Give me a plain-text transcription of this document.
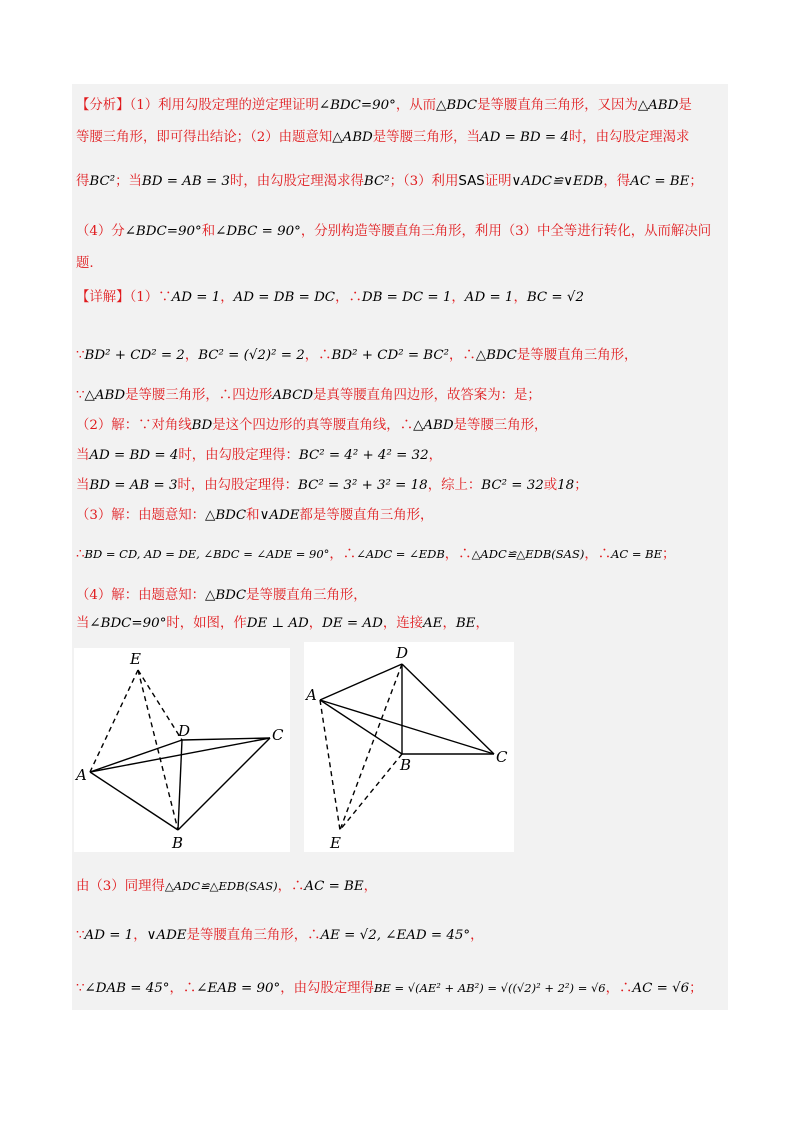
【分析】（1）利用勾股定理的逆定理证明∠BDC=90°，从而△BDC是等腰直角三角形，又因为△ABD是
等腰三角形，即可得出结论；（2）由题意知△ABD是等腰三角形，当AD = BD = 4时，由勾股定理渴求
得BC²；当BD = AB = 3时，由勾股定理渴求得BC²；（3）利用SAS证明∨ADC≌∨EDB，得AC = BE；
（4）分∠BDC=90°和∠DBC = 90°，分别构造等腰直角三角形，利用（3）中全等进行转化，从而解决问
题.
【详解】（1）∵AD = 1，AD = DB = DC，∴DB = DC = 1，AD = 1，BC = √2
∵BD² + CD² = 2，BC² = (√2)² = 2，∴BD² + CD² = BC²，∴△BDC是等腰直角三角形，
∵△ABD是等腰三角形，∴四边形ABCD是真等腰直角四边形，故答案为：是；
（2）解：∵对角线BD是这个四边形的真等腰直角线，∴△ABD是等腰三角形，
当AD = BD = 4时，由勾股定理得：BC² = 4² + 4² = 32，
当BD = AB = 3时，由勾股定理得：BC² = 3² + 3² = 18，综上：BC² = 32或18；
（3）解：由题意知：△BDC和∨ADE都是等腰直角三角形，
∴BD = CD, AD = DE, ∠BDC = ∠ADE = 90°，∴∠ADC = ∠EDB，∴△ADC≌△EDB(SAS)，∴AC = BE；
（4）解：由题意知：△BDC是等腰直角三角形，
当∠BDC=90°时，如图，作DE ⊥ AD，DE = AD，连接AE，BE，
E
D	C
A
B
D
A
B	C
E
由（3）同理得△ADC≌△EDB(SAS)，∴AC = BE，
∵AD = 1，∨ADE是等腰直角三角形，∴AE = √2, ∠EAD = 45°，
∵∠DAB = 45°，∴∠EAB = 90°，由勾股定理得BE = √(AE² + AB²) = √((√2)² + 2²) = √6，∴AC = √6；
